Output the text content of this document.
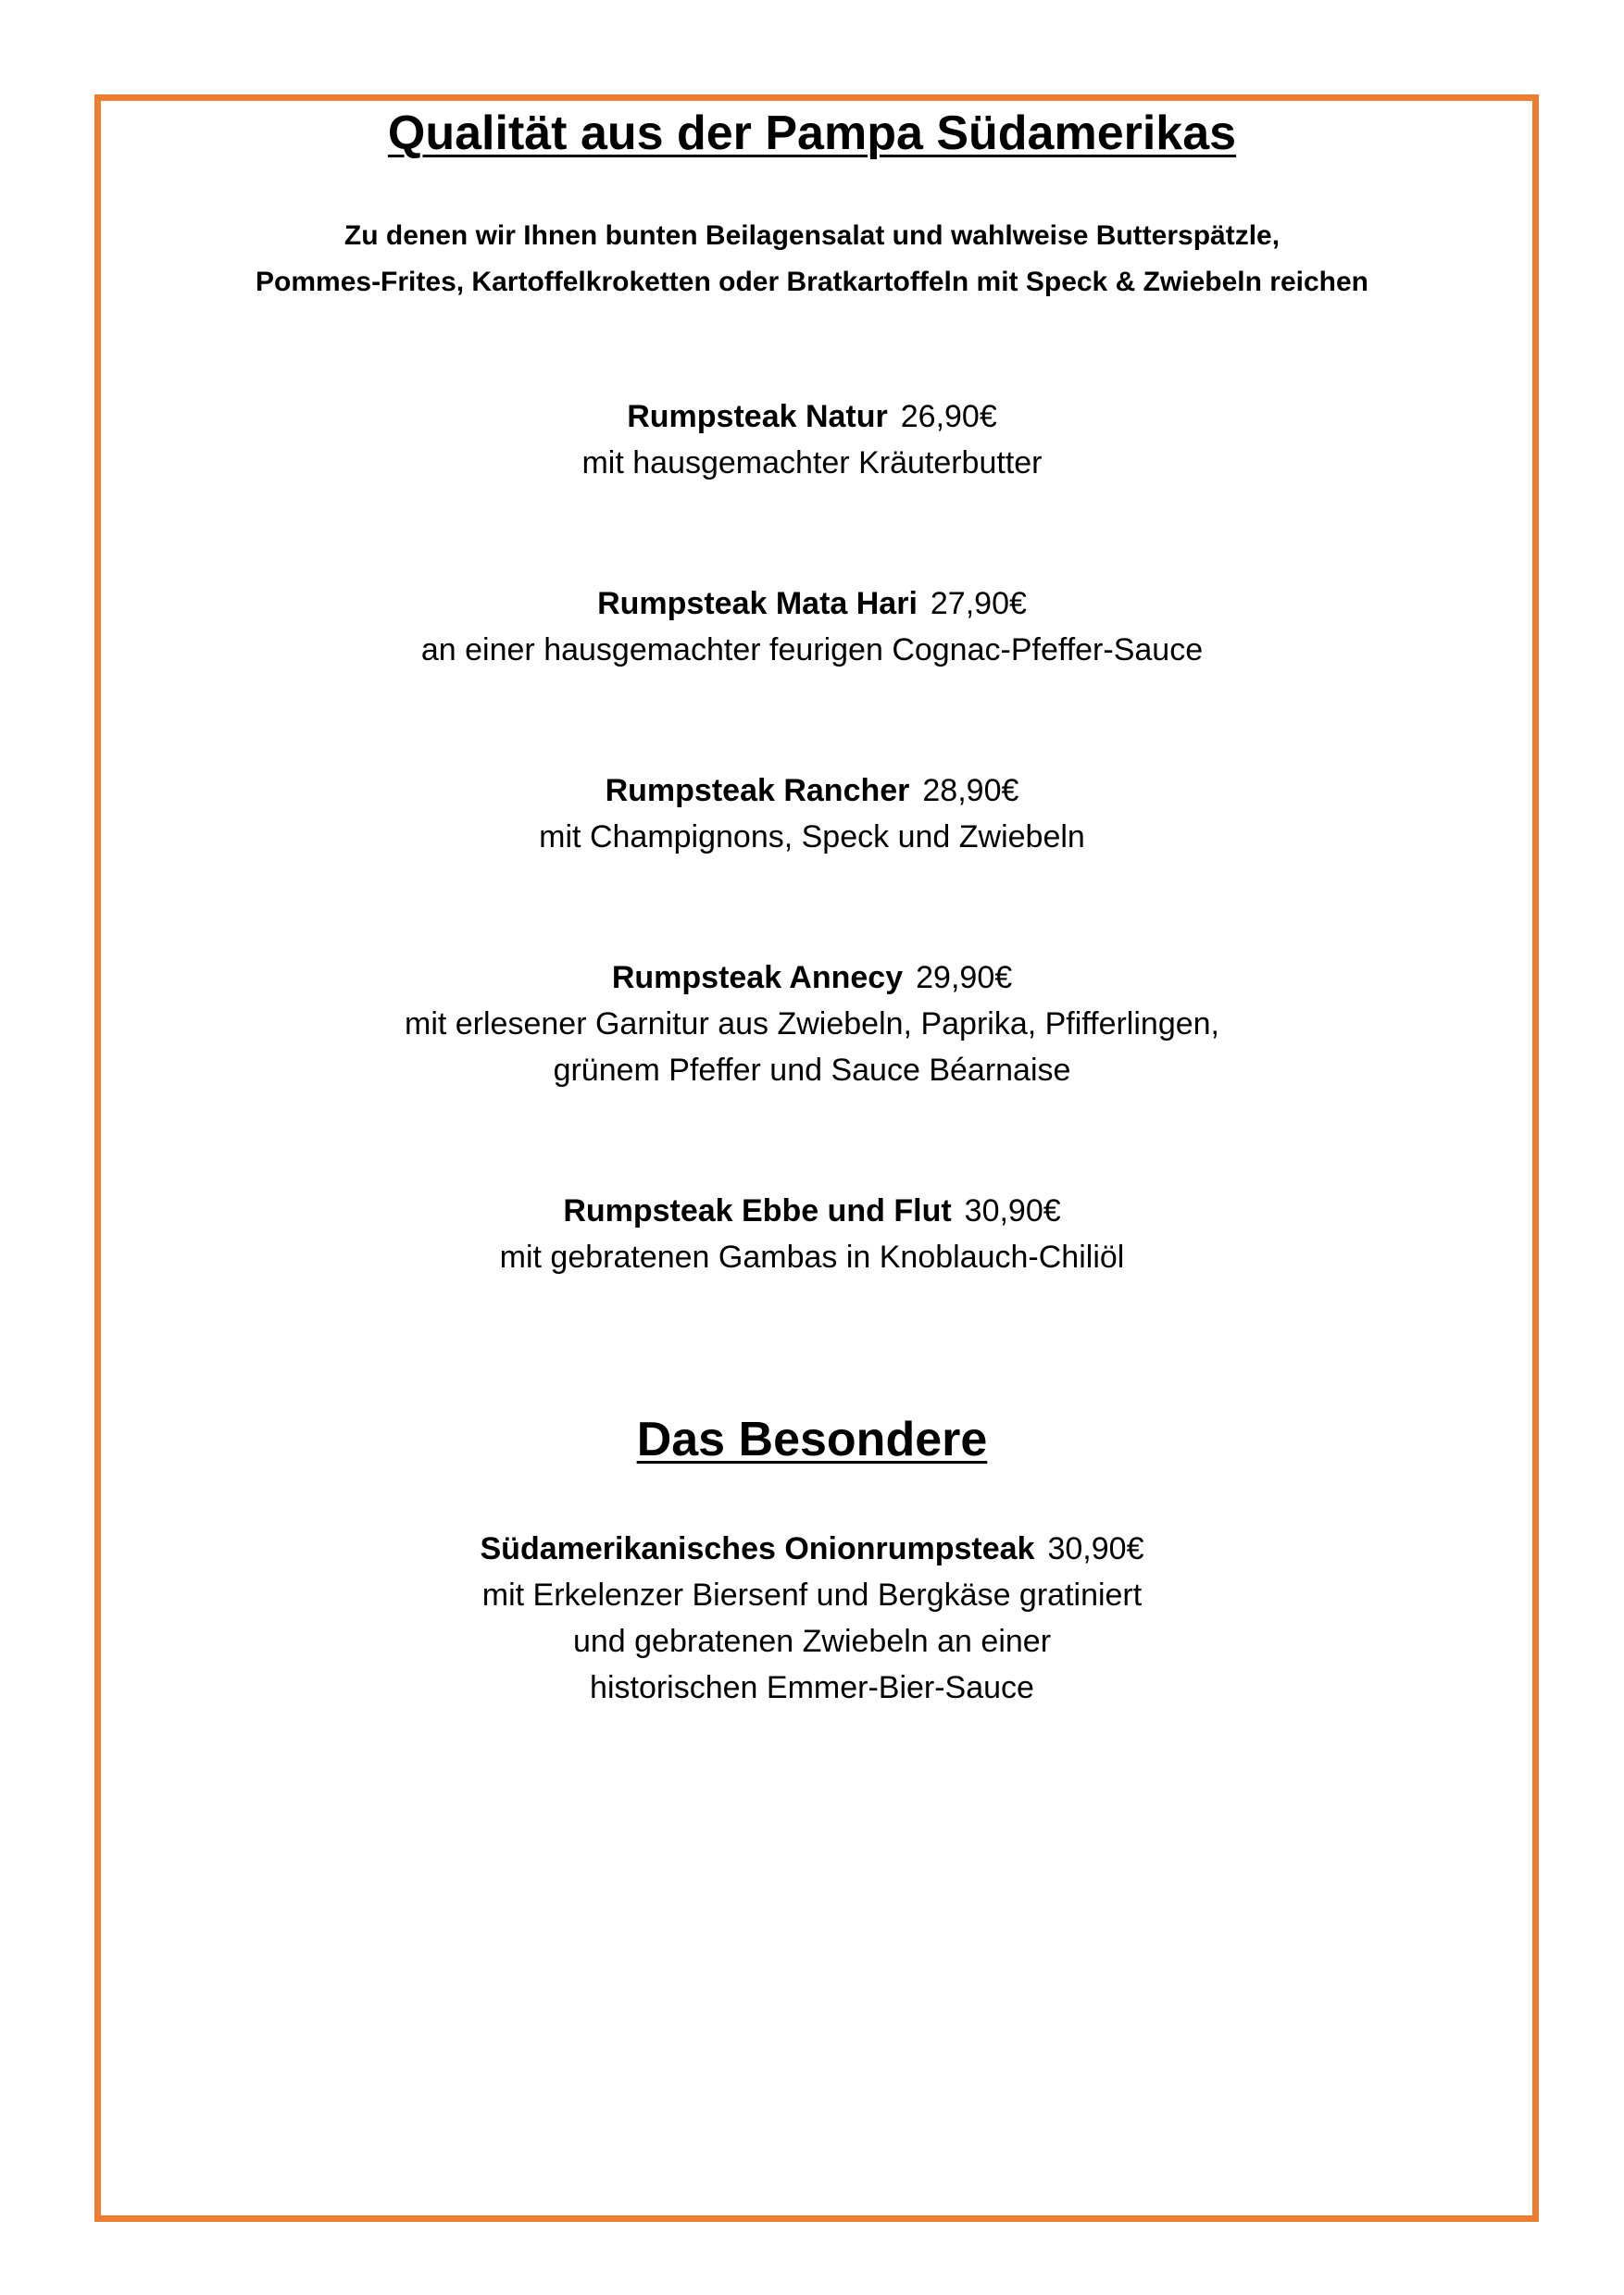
Qualität aus der Pampa Südamerikas

Zu denen wir Ihnen bunten Beilagensalat und wahlweise Butterspätzle,
Pommes-Frites, Kartoffelkroketten oder Bratkartoffeln mit Speck & Zwiebeln reichen

Rumpsteak Natur 26,90€
mit hausgemachter Kräuterbutter
Rumpsteak Mata Hari 27,90€
an einer hausgemachter feurigen Cognac-Pfeffer-Sauce
Rumpsteak Rancher 28,90€
mit Champignons, Speck und Zwiebeln
Rumpsteak Annecy 29,90€
mit erlesener Garnitur aus Zwiebeln, Paprika, Pfifferlingen,
grünem Pfeffer und Sauce Béarnaise
Rumpsteak Ebbe und Flut 30,90€
mit gebratenen Gambas in Knoblauch-Chiliöl
Das Besondere
Südamerikanisches Onionrumpsteak 30,90€
mit Erkelenzer Biersenf und Bergkäse gratiniert
und gebratenen Zwiebeln an einer
historischen Emmer-Bier-Sauce
